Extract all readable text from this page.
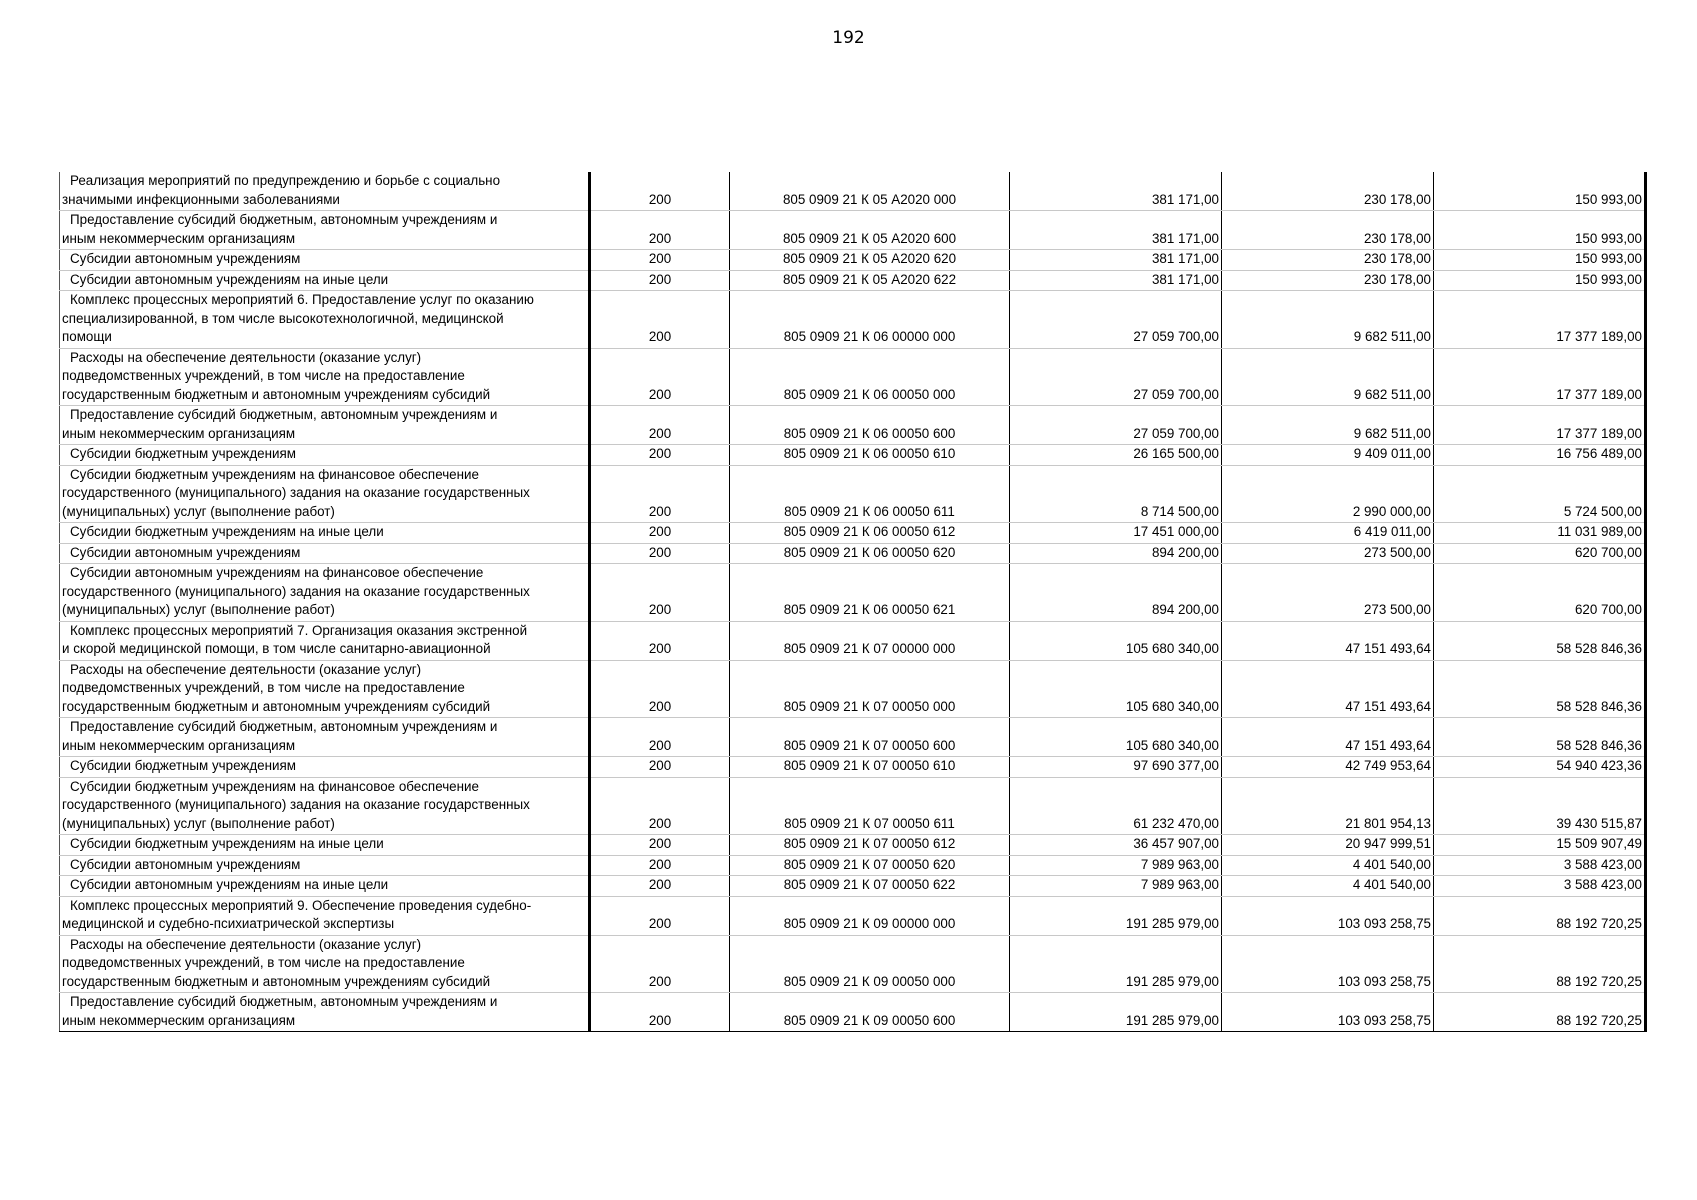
192
Реализация мероприятий по предупреждению и борьбе с социально
значимыми инфекционными заболеваниями	200	805 0909 21 К 05 А2020 000	381 171,00	230 178,00	150 993,00

Предоставление субсидий бюджетным, автономным учреждениям и
иным некоммерческим организациям	200	805 0909 21 К 05 А2020 600	381 171,00	230 178,00	150 993,00

Субсидии автономным учреждениям	200	805 0909 21 К 05 А2020 620	381 171,00	230 178,00	150 993,00

Субсидии автономным учреждениям на иные цели	200	805 0909 21 К 05 А2020 622	381 171,00	230 178,00	150 993,00

Комплекс процессных мероприятий 6. Предоставление услуг по оказанию
специализированной, в том числе высокотехнологичной, медицинской
помощи	200	805 0909 21 К 06 00000 000	27 059 700,00	9 682 511,00	17 377 189,00

Расходы на обеспечение деятельности (оказание услуг)
подведомственных учреждений, в том числе на предоставление
государственным бюджетным и автономным учреждениям субсидий	200	805 0909 21 К 06 00050 000	27 059 700,00	9 682 511,00	17 377 189,00

Предоставление субсидий бюджетным, автономным учреждениям и
иным некоммерческим организациям	200	805 0909 21 К 06 00050 600	27 059 700,00	9 682 511,00	17 377 189,00

Субсидии бюджетным учреждениям	200	805 0909 21 К 06 00050 610	26 165 500,00	9 409 011,00	16 756 489,00

Субсидии бюджетным учреждениям на финансовое обеспечение
государственного (муниципального) задания на оказание государственных
(муниципальных) услуг (выполнение работ)	200	805 0909 21 К 06 00050 611	8 714 500,00	2 990 000,00	5 724 500,00

Субсидии бюджетным учреждениям на иные цели	200	805 0909 21 К 06 00050 612	17 451 000,00	6 419 011,00	11 031 989,00

Субсидии автономным учреждениям	200	805 0909 21 К 06 00050 620	894 200,00	273 500,00	620 700,00

Субсидии автономным учреждениям на финансовое обеспечение
государственного (муниципального) задания на оказание государственных
(муниципальных) услуг (выполнение работ)	200	805 0909 21 К 06 00050 621	894 200,00	273 500,00	620 700,00

Комплекс процессных мероприятий 7. Организация оказания экстренной
и скорой медицинской помощи, в том числе санитарно-авиационной	200	805 0909 21 К 07 00000 000	105 680 340,00	47 151 493,64	58 528 846,36

Расходы на обеспечение деятельности (оказание услуг)
подведомственных учреждений, в том числе на предоставление
государственным бюджетным и автономным учреждениям субсидий	200	805 0909 21 К 07 00050 000	105 680 340,00	47 151 493,64	58 528 846,36

Предоставление субсидий бюджетным, автономным учреждениям и
иным некоммерческим организациям	200	805 0909 21 К 07 00050 600	105 680 340,00	47 151 493,64	58 528 846,36

Субсидии бюджетным учреждениям	200	805 0909 21 К 07 00050 610	97 690 377,00	42 749 953,64	54 940 423,36

Субсидии бюджетным учреждениям на финансовое обеспечение
государственного (муниципального) задания на оказание государственных
(муниципальных) услуг (выполнение работ)	200	805 0909 21 К 07 00050 611	61 232 470,00	21 801 954,13	39 430 515,87

Субсидии бюджетным учреждениям на иные цели	200	805 0909 21 К 07 00050 612	36 457 907,00	20 947 999,51	15 509 907,49

Субсидии автономным учреждениям	200	805 0909 21 К 07 00050 620	7 989 963,00	4 401 540,00	3 588 423,00

Субсидии автономным учреждениям на иные цели	200	805 0909 21 К 07 00050 622	7 989 963,00	4 401 540,00	3 588 423,00

Комплекс процессных мероприятий 9. Обеспечение проведения судебно-
медицинской и судебно-психиатрической экспертизы	200	805 0909 21 К 09 00000 000	191 285 979,00	103 093 258,75	88 192 720,25

Расходы на обеспечение деятельности (оказание услуг)
подведомственных учреждений, в том числе на предоставление
государственным бюджетным и автономным учреждениям субсидий	200	805 0909 21 К 09 00050 000	191 285 979,00	103 093 258,75	88 192 720,25

Предоставление субсидий бюджетным, автономным учреждениям и
иным некоммерческим организациям	200	805 0909 21 К 09 00050 600	191 285 979,00	103 093 258,75	88 192 720,25
